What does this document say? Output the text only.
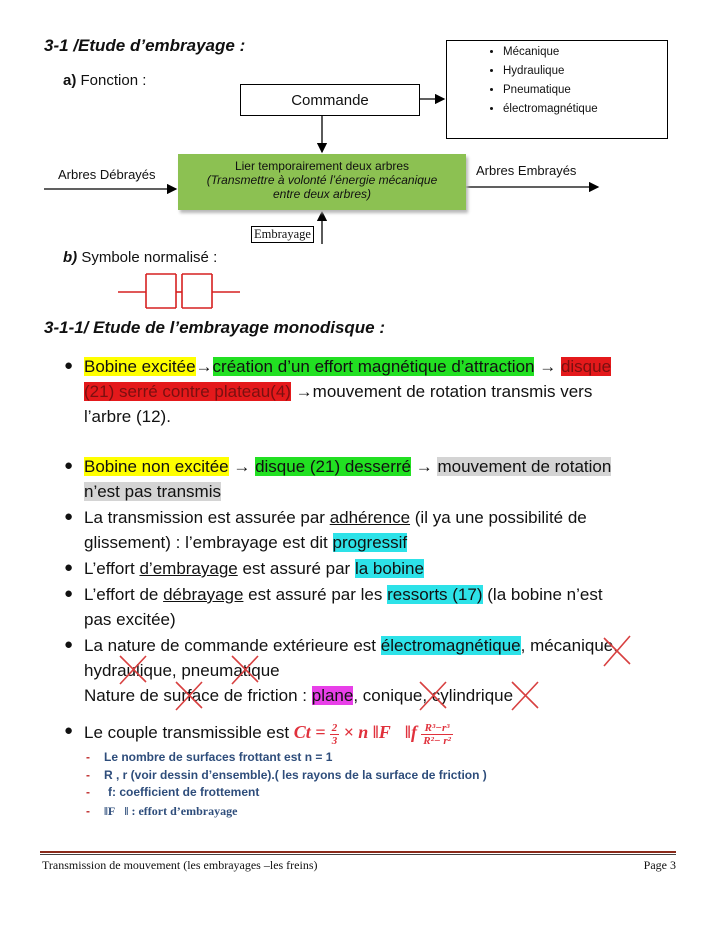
3-1 /Etude d’embrayage :
a) Fonction :
Commande
• Mécanique
• Hydraulique
• Pneumatique
• électromagnétique
Arbres Débrayés	Arbres Embrayés
Lier temporairement deux arbres
(Transmettre à volonté l’énergie mécanique
entre deux arbres)
Embrayage
b) Symbole normalisé :
3-1-1/ Etude de l’embrayage monodisque :
● Bobine excitée→création d’un effort magnétique d’attraction → disque
(21) serré contre plateau(4) →mouvement de rotation transmis vers
l’arbre (12).
● Bobine non excitée → disque (21) desserré → mouvement de rotation
n’est pas transmis
● La transmission est assurée par adhérence (il ya une possibilité de
glissement) : l’embrayage est dit progressif
● L’effort d’embrayage est assuré par la bobine
● L’effort de débrayage est assuré par les ressorts (17) (la bobine n’est
pas excitée)
● La nature de commande extérieure est électromagnétique, mécanique,
hydraulique, pneumatique
Nature de surface de friction : plane, conique, cylindrique
● Le couple transmissible est $Ct = \frac{2}{3} \times n$ ‖F⃗‖f $\frac{\text{R³−r³}}{\text{R²− r²}}$
- Le nombre de surfaces frottant est n = 1
- R , r (voir dessin d’ensemble).( les rayons de la surface de friction )
- f: coefficient de frottement
- ‖F⃗‖ : effort d’embrayage
Transmission de mouvement (les embrayages –les freins)	Page 3
